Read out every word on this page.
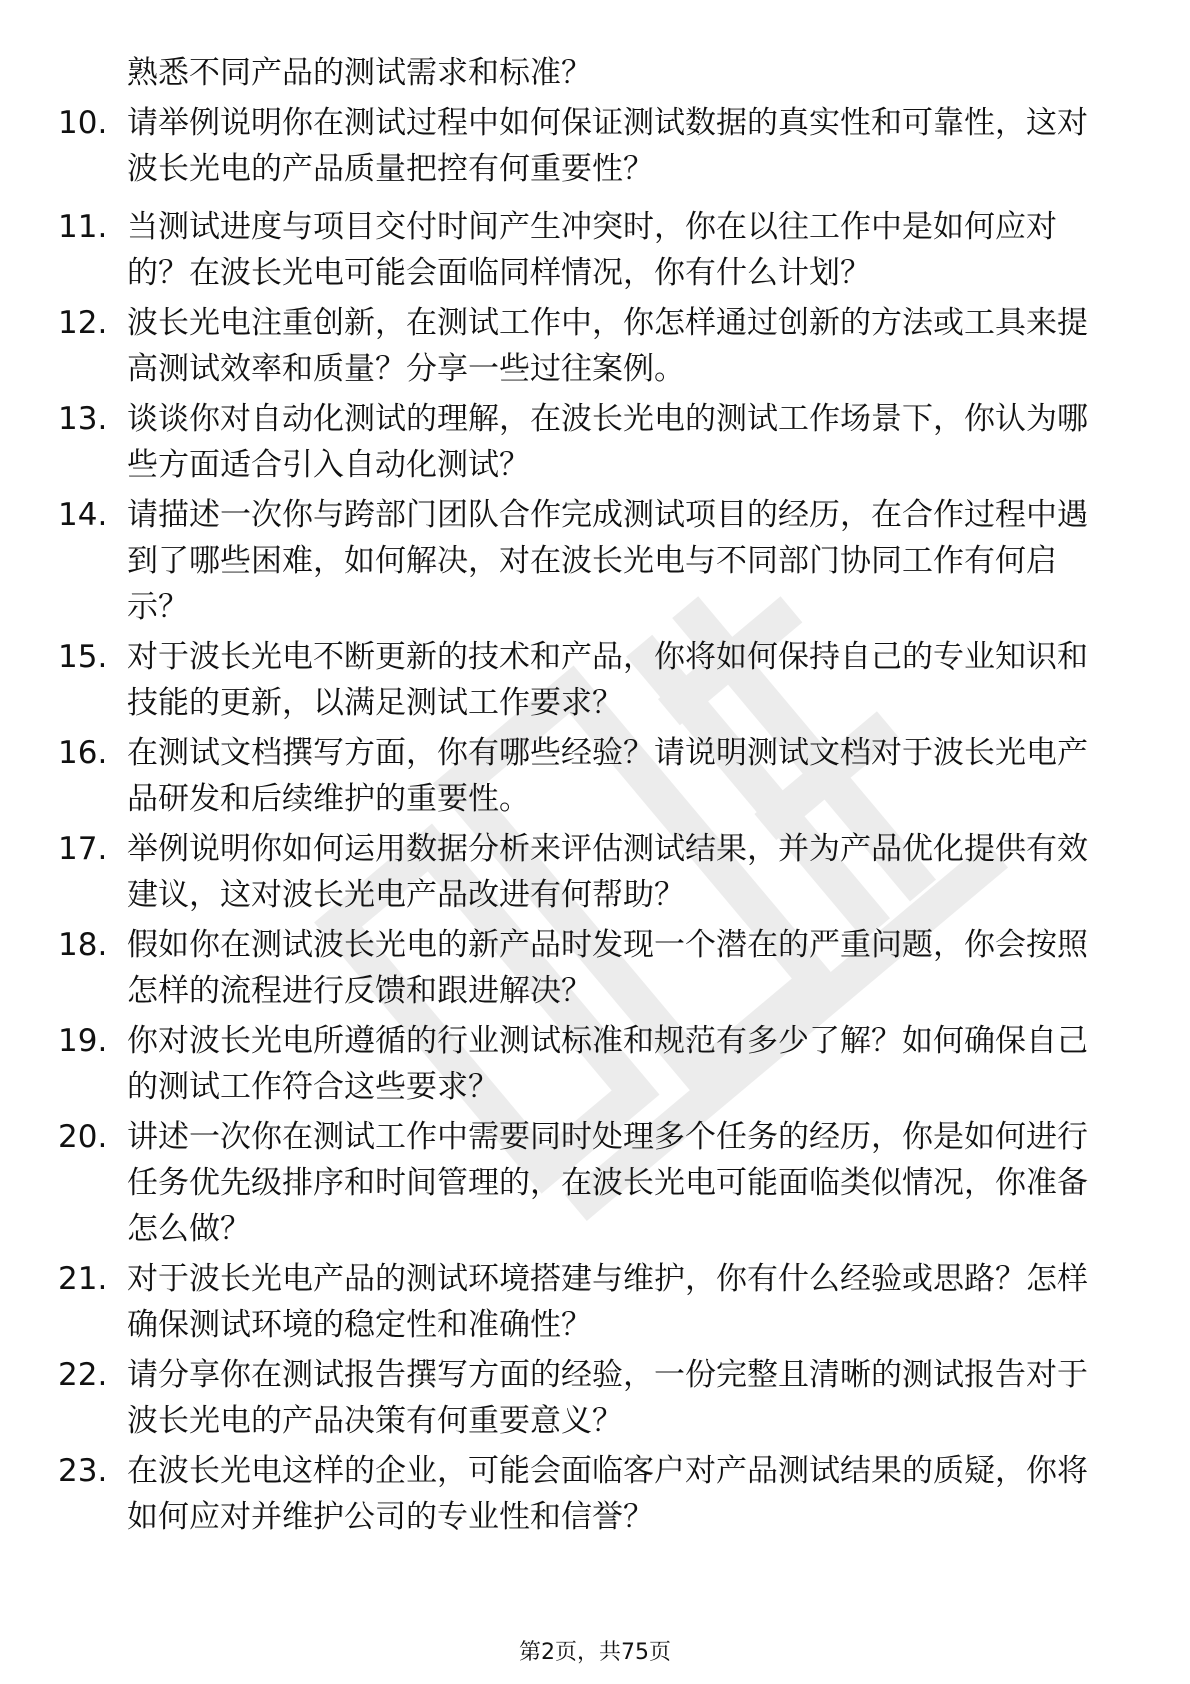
熟悉不同产品的测试需求和标准？

10. 请举例说明你在测试过程中如何保证测试数据的真实性和可靠性，这对波长光电的产品质量把控有何重要性？
11. 当测试进度与项目交付时间产生冲突时，你在以往工作中是如何应对的？在波长光电可能会面临同样情况，你有什么计划？
12. 波长光电注重创新，在测试工作中，你怎样通过创新的方法或工具来提高测试效率和质量？分享一些过往案例。
13. 谈谈你对自动化测试的理解，在波长光电的测试工作场景下，你认为哪些方面适合引入自动化测试？
14. 请描述一次你与跨部门团队合作完成测试项目的经历，在合作过程中遇到了哪些困难，如何解决，对在波长光电与不同部门协同工作有何启示？
15. 对于波长光电不断更新的技术和产品，你将如何保持自己的专业知识和技能的更新，以满足测试工作要求？
16. 在测试文档撰写方面，你有哪些经验？请说明测试文档对于波长光电产品研发和后续维护的重要性。
17. 举例说明你如何运用数据分析来评估测试结果，并为产品优化提供有效建议，这对波长光电产品改进有何帮助？
18. 假如你在测试波长光电的新产品时发现一个潜在的严重问题，你会按照怎样的流程进行反馈和跟进解决？
19. 你对波长光电所遵循的行业测试标准和规范有多少了解？如何确保自己的测试工作符合这些要求？
20. 讲述一次你在测试工作中需要同时处理多个任务的经历，你是如何进行任务优先级排序和时间管理的，在波长光电可能面临类似情况，你准备怎么做？
21. 对于波长光电产品的测试环境搭建与维护，你有什么经验或思路？怎样确保测试环境的稳定性和准确性？
22. 请分享你在测试报告撰写方面的经验，一份完整且清晰的测试报告对于波长光电的产品决策有何重要意义？
23. 在波长光电这样的企业，可能会面临客户对产品测试结果的质疑，你将如何应对并维护公司的专业性和信誉？
第2页，共75页
